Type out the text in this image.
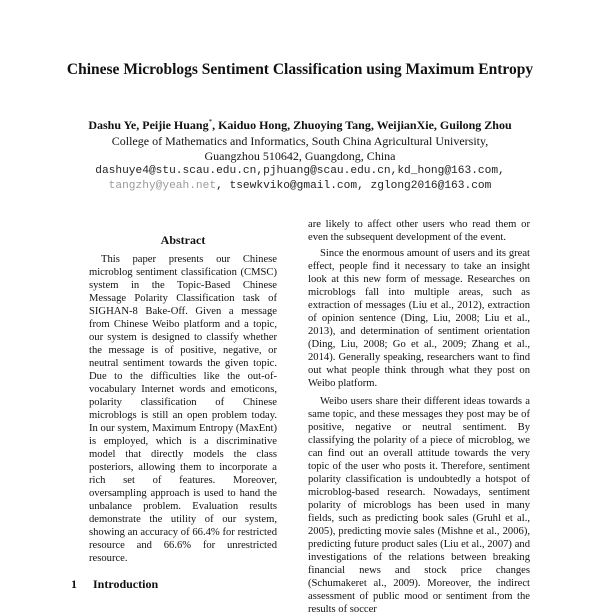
Chinese Microblogs Sentiment Classification using Maximum Entropy
Dashu Ye, Peijie Huang*, Kaiduo Hong, Zhuoying Tang, WeijianXie, Guilong Zhou
College of Mathematics and Informatics, South China Agricultural University,
Guangzhou 510642, Guangdong, China
dashuye4@stu.scau.edu.cn,pjhuang@scau.edu.cn,kd_hong@163.com,
tangzhy@yeah.net, tsewkviko@gmail.com, zglong2016@163.com
Abstract

This paper presents our Chinese microblog sentiment classification (CMSC) system in the Topic-Based Chinese Message Polarity Classification task of SIGHAN-8 Bake-Off. Given a message from Chinese Weibo platform and a topic, our system is designed to classify whether the message is of positive, negative, or neutral sentiment towards the given topic. Due to the difficulties like the out-of-vocabulary Internet words and emoticons, polarity classification of Chinese microblogs is still an open problem today. In our system, Maximum Entropy (MaxEnt) is employed, which is a discriminative model that directly models the class posteriors, allowing them to incorporate a rich set of features. Moreover, oversampling approach is used to hand the unbalance problem. Evaluation results demonstrate the utility of our system, showing an accuracy of 66.4% for restricted resource and 66.6% for unrestricted resource.

1 Introduction

are likely to affect other users who read them or even the subsequent development of the event.

Since the enormous amount of users and its great effect, people find it necessary to take an insight look at this new form of message. Researches on microblogs fall into multiple areas, such as extraction of messages (Liu et al., 2012), extraction of opinion sentence (Ding, Liu, 2008; Liu et al., 2013), and determination of sentiment orientation (Ding, Liu, 2008; Go et al., 2009; Zhang et al., 2014). Generally speaking, researchers want to find out what people think through what they post on Weibo platform.

Weibo users share their different ideas towards a same topic, and these messages they post may be of positive, negative or neutral sentiment. By classifying the polarity of a piece of microblog, we can find out an overall attitude towards the very topic of the user who posts it. Therefore, sentiment polarity classification is undoubtedly a hotspot of microblog-based research. Nowadays, sentiment polarity of microblogs has been used in many fields, such as predicting book sales (Gruhl et al., 2005), predicting movie sales (Mishne et al., 2006), predicting future product sales (Liu et al., 2007) and investigations of the relations between breaking financial news and stock price changes (Schumakeret al., 2009). Moreover, the indirect assessment of public mood or sentiment from the results of soccer
